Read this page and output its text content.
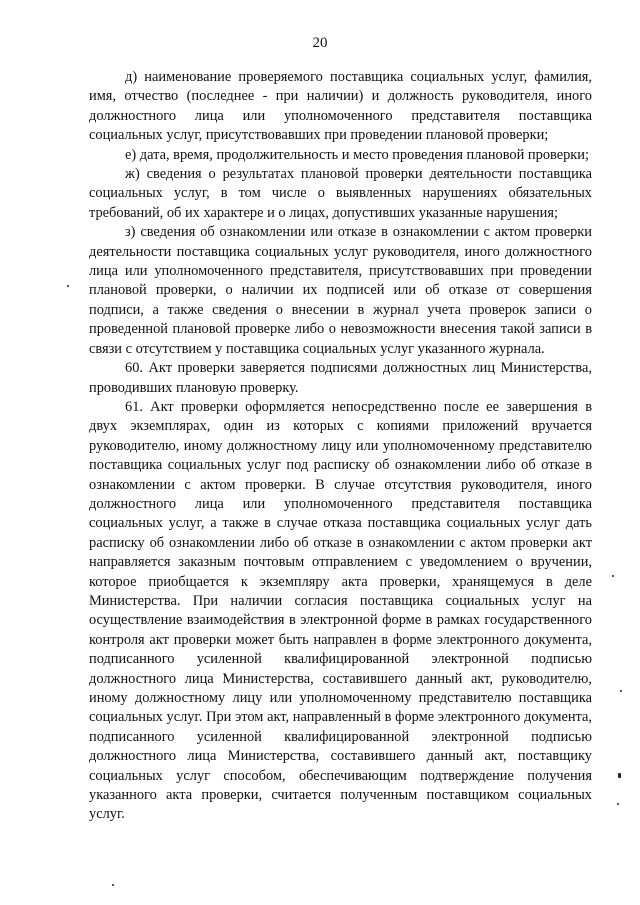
20

д) наименование проверяемого поставщика социальных услуг, фамилия, имя, отчество (последнее - при наличии) и должность руководителя, иного должностного лица или уполномоченного представителя поставщика социальных услуг, присутствовавших при проведении плановой проверки;

е) дата, время, продолжительность и место проведения плановой проверки;

ж) сведения о результатах плановой проверки деятельности поставщика социальных услуг, в том числе о выявленных нарушениях обязательных требований, об их характере и о лицах, допустивших указанные нарушения;

з) сведения об ознакомлении или отказе в ознакомлении с актом проверки деятельности поставщика социальных услуг руководителя, иного должностного лица или уполномоченного представителя, присутствовавших при проведении плановой проверки, о наличии их подписей или об отказе от совершения подписи, а также сведения о внесении в журнал учета проверок записи о проведенной плановой проверке либо о невозможности внесения такой записи в связи с отсутствием у поставщика социальных услуг указанного журнала.

60. Акт проверки заверяется подписями должностных лиц Министерства, проводивших плановую проверку.

61. Акт проверки оформляется непосредственно после ее завершения в двух экземплярах, один из которых с копиями приложений вручается руководителю, иному должностному лицу или уполномоченному представителю поставщика социальных услуг под расписку об ознакомлении либо об отказе в ознакомлении с актом проверки. В случае отсутствия руководителя, иного должностного лица или уполномоченного представителя поставщика социальных услуг, а также в случае отказа поставщика социальных услуг дать расписку об ознакомлении либо об отказе в ознакомлении с актом проверки акт направляется заказным почтовым отправлением с уведомлением о вручении, которое приобщается к экземпляру акта проверки, хранящемуся в деле Министерства. При наличии согласия поставщика социальных услуг на осуществление взаимодействия в электронной форме в рамках государственного контроля акт проверки может быть направлен в форме электронного документа, подписанного усиленной квалифицированной электронной подписью должностного лица Министерства, составившего данный акт, руководителю, иному должностному лицу или уполномоченному представителю поставщика социальных услуг. При этом акт, направленный в форме электронного документа, подписанного усиленной квалифицированной электронной подписью должностного лица Министерства, составившего данный акт, поставщику социальных услуг способом, обеспечивающим подтверждение получения указанного акта проверки, считается полученным поставщиком социальных услуг.
